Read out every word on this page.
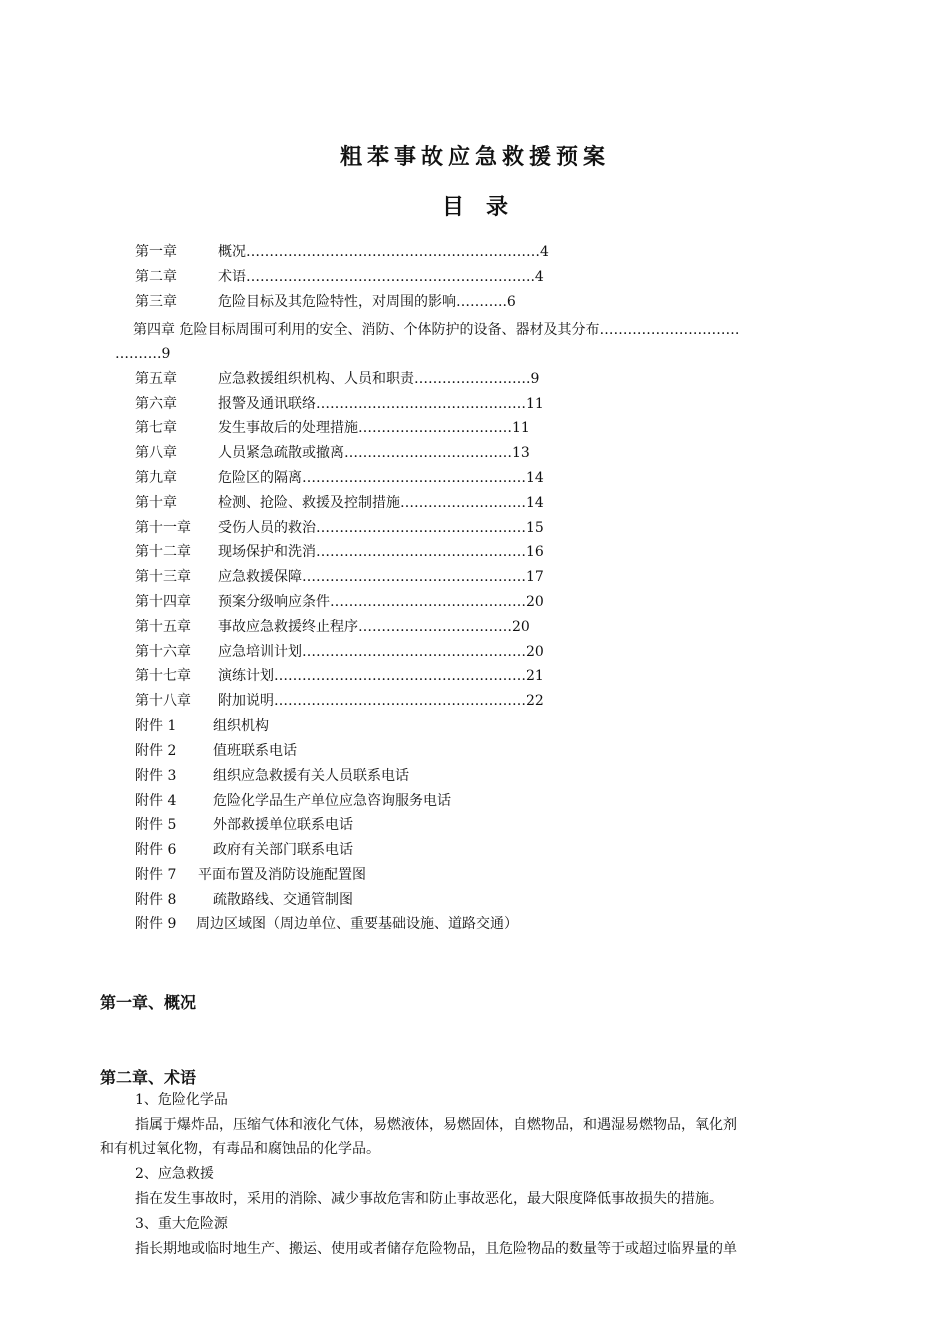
粗苯事故应急救援预案
目　录
第一章	概况………………………………………………………4
第二章	术语……………………………………………………..4
第三章	危险目标及其危险特性，对周围的影响………..6
第四章 危险目标周围可利用的安全、消防、个体防护的设备、器材及其分布…………………………
……….9
第五章	应急救援组织机构、人员和职责…………………….9
第六章	报警及通讯联络………………………………………11
第七章	发生事故后的处理措施……………………………11
第八章	人员紧急疏散或撤离………………………………13
第九章	危险区的隔离…………………………………………14
第十章	检测、抢险、救援及控制措施………………………14
第十一章 受伤人员的救治………………………………………15
第十二章 现场保护和洗消………………………………………16
第十三章 应急救援保障…………………………………………17
第十四章 预案分级响应条件……………………………………20
第十五章 事故应急救援终止程序……………………………20
第十六章 应急培训计划…………………………………………20
第十七章 演练计划………………………………………………21
第十八章 附加说明………………………………………………22
附件 1	组织机构
附件 2	值班联系电话
附件 3	组织应急救援有关人员联系电话
附件 4	危险化学品生产单位应急咨询服务电话
附件 5	外部救援单位联系电话
附件 6	政府有关部门联系电话
附件 7 平面布置及消防设施配置图
附件 8	疏散路线、交通管制图
附件 9 周边区域图（周边单位、重要基础设施、道路交通）
第一章、概况
第二章、术语
1、危险化学品
指属于爆炸品，压缩气体和液化气体，易燃液体，易燃固体，自燃物品，和遇湿易燃物品，氧化剂
和有机过氧化物，有毒品和腐蚀品的化学品。
2、应急救援
指在发生事故时，采用的消除、减少事故危害和防止事故恶化，最大限度降低事故损失的措施。
3、重大危险源
指长期地或临时地生产、搬运、使用或者储存危险物品，且危险物品的数量等于或超过临界量的单
